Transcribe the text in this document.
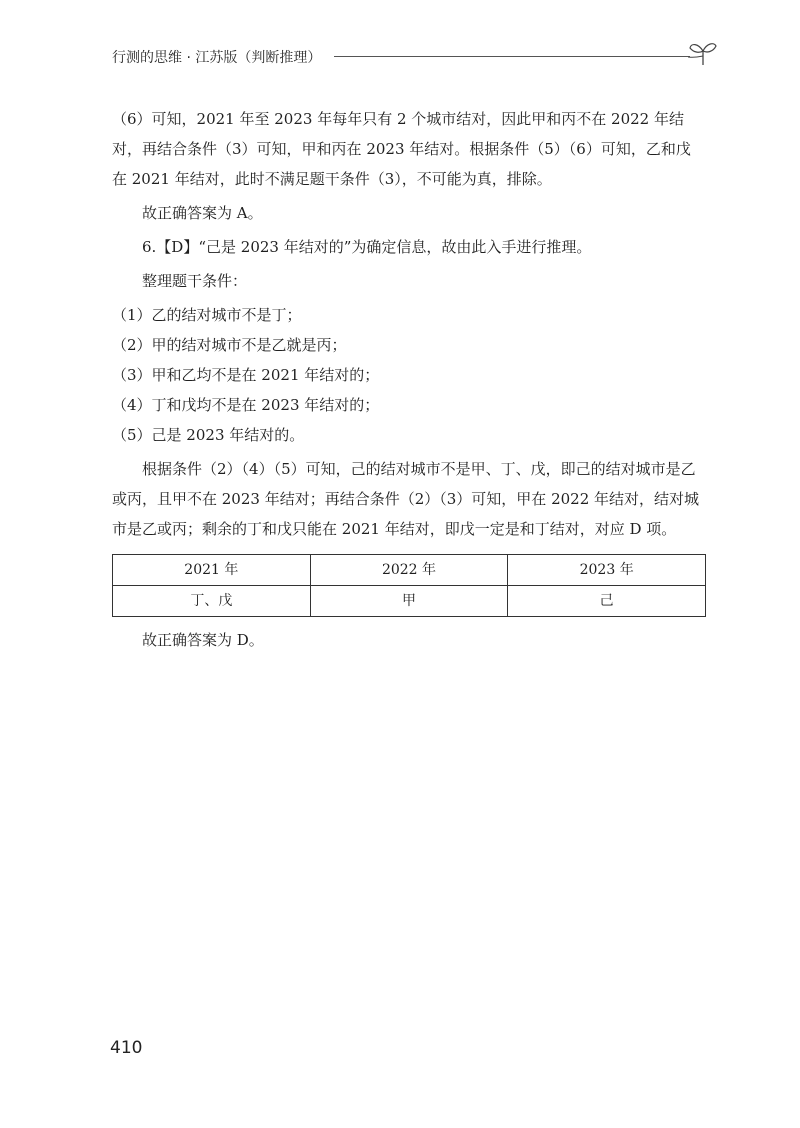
行测的思维 · 江苏版（判断推理）

（6）可知，2021 年至 2023 年每年只有 2 个城市结对，因此甲和丙不在 2022 年结对，再结合条件（3）可知，甲和丙在 2023 年结对。根据条件（5）（6）可知，乙和戊在 2021 年结对，此时不满足题干条件（3），不可能为真，排除。

故正确答案为 A。

6.【D】“己是 2023 年结对的”为确定信息，故由此入手进行推理。

整理题干条件：

（1）乙的结对城市不是丁；

（2）甲的结对城市不是乙就是丙；

（3）甲和乙均不是在 2021 年结对的；

（4）丁和戊均不是在 2023 年结对的；

（5）己是 2023 年结对的。

根据条件（2）（4）（5）可知，己的结对城市不是甲、丁、戊，即己的结对城市是乙或丙，且甲不在 2023 年结对；再结合条件（2）（3）可知，甲在 2022 年结对，结对城市是乙或丙；剩余的丁和戊只能在 2021 年结对，即戊一定是和丁结对，对应 D 项。

2021 年	2022 年	2023 年
丁、戊	甲	己

故正确答案为 D。

410
